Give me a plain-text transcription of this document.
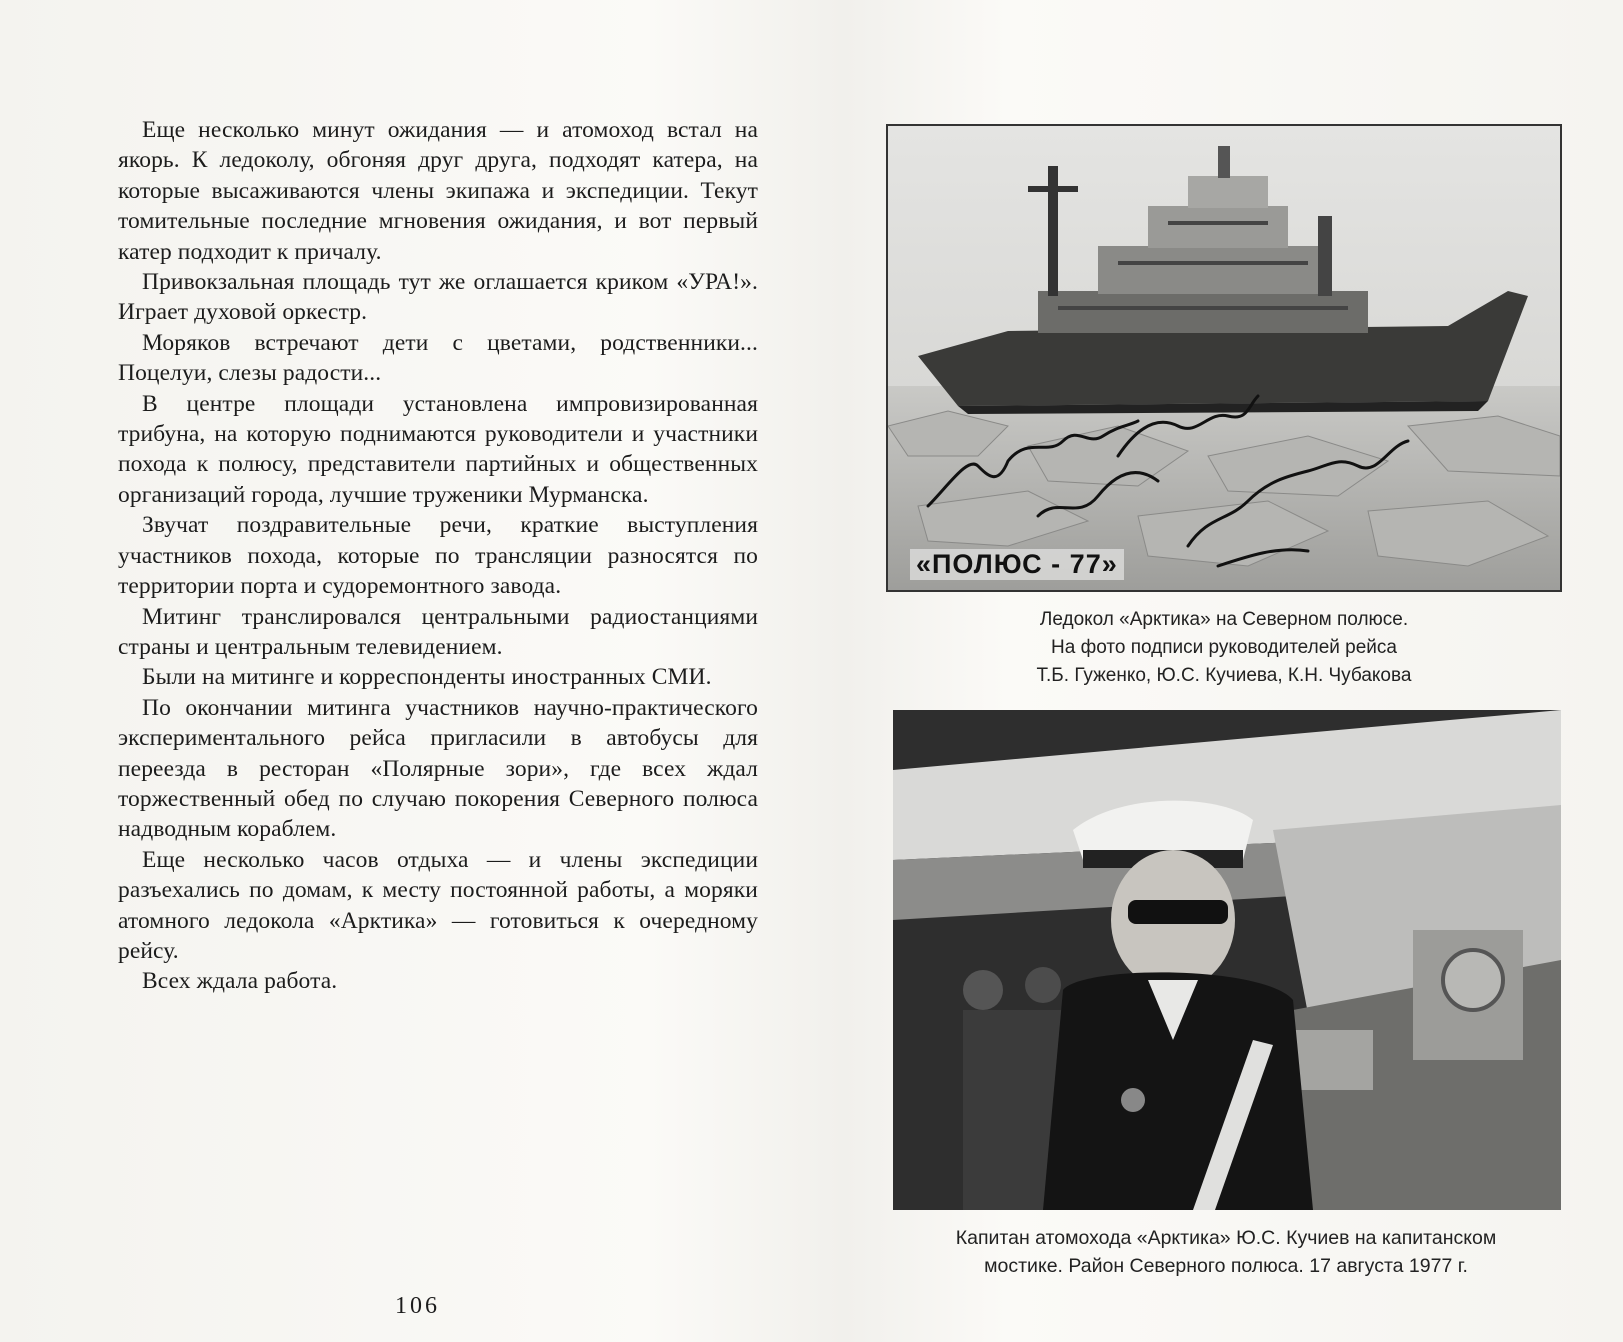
Еще несколько минут ожидания — и атомоход встал на якорь. К ледоколу, обгоняя друг друга, подходят катера, на которые высаживаются члены экипажа и экспедиции. Текут томительные последние мгновения ожидания, и вот первый катер подходит к причалу.

Привокзальная площадь тут же оглашается криком «УРА!». Играет духовой оркестр.

Моряков встречают дети с цветами, родственники... Поцелуи, слезы радости...

В центре площади установлена импровизированная трибуна, на которую поднимаются руководители и участники похода к полюсу, представители партийных и общественных организаций города, лучшие труженики Мурманска.

Звучат поздравительные речи, краткие выступления участников похода, которые по трансляции разносятся по территории порта и судоремонтного завода.

Митинг транслировался центральными радиостанциями страны и центральным телевидением.

Были на митинге и корреспонденты иностранных СМИ.

По окончании митинга участников научно-практического экспериментального рейса пригласили в автобусы для переезда в ресторан «Полярные зори», где всех ждал торжественный обед по случаю покорения Северного полюса надводным кораблем.

Еще несколько часов отдыха — и члены экспедиции разъехались по домам, к месту постоянной работы, а моряки атомного ледокола «Арктика» — готовиться к очередному рейсу.

Всех ждала работа.

106
«ПОЛЮС - 77»
Ледокол «Арктика» на Северном полюсе.
На фото подписи руководителей рейса
Т.Б. Гуженко, Ю.С. Кучиева, К.Н. Чубакова
Капитан атомохода «Арктика» Ю.С. Кучиев на капитанском
мостике. Район Северного полюса. 17 августа 1977 г.
